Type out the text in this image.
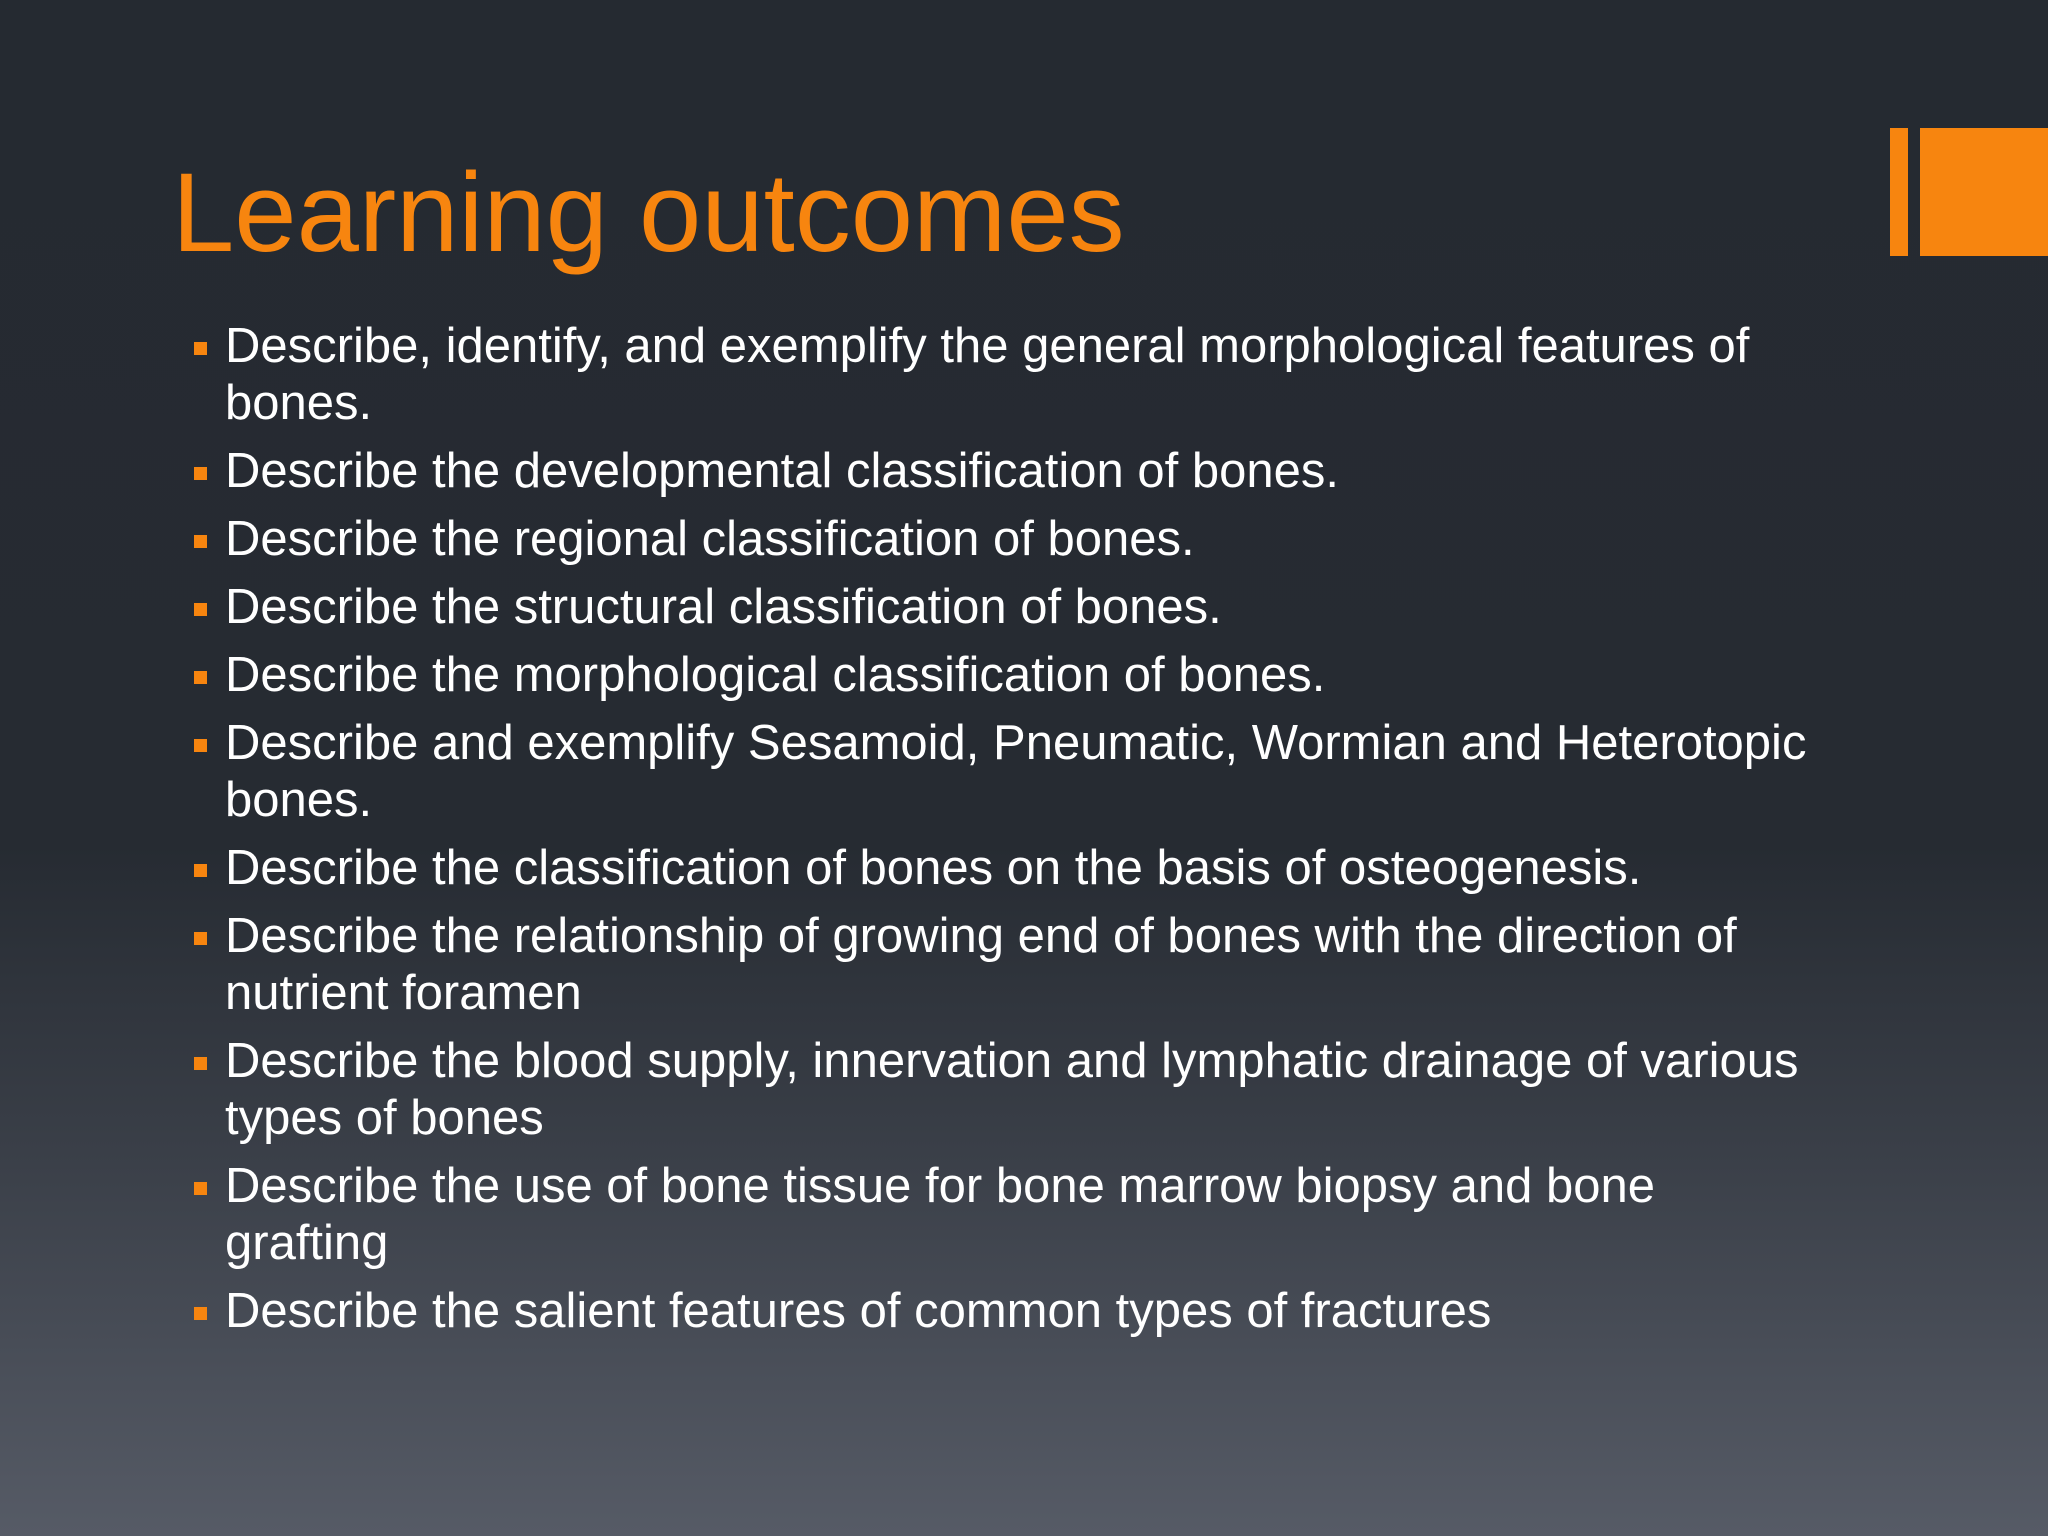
Learning outcomes
Describe, identify, and exemplify the general morphological features of bones.
Describe the developmental classification of bones.
Describe the regional classification of bones.
Describe the structural classification of bones.
Describe the morphological classification of bones.
Describe and exemplify Sesamoid, Pneumatic, Wormian and Heterotopic bones.
Describe the classification of bones on the basis of osteogenesis.
Describe the relationship of growing end of bones with the direction of nutrient foramen
Describe the blood supply, innervation and lymphatic drainage of various types of bones
Describe the use of bone tissue for bone marrow biopsy and bone grafting
Describe the salient features of common types of fractures
